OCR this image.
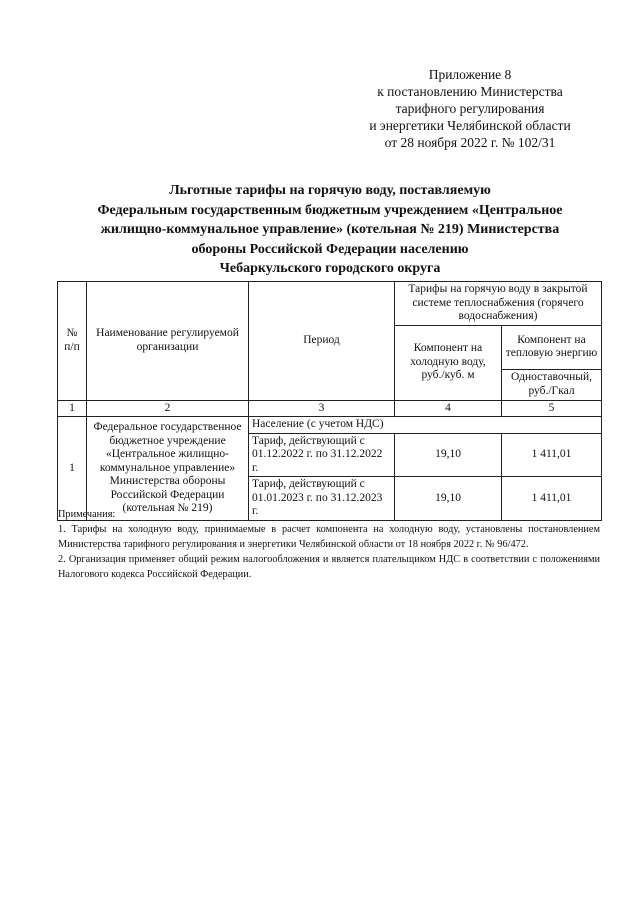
Приложение 8
к постановлению Министерства
тарифного регулирования
и энергетики Челябинской области
от 28 ноября 2022 г. № 102/31
Льготные тарифы на горячую воду, поставляемую
Федеральным государственным бюджетным учреждением «Центральное
жилищно-коммунальное управление» (котельная № 219) Министерства
обороны Российской Федерации населению
Чебаркульского городского округа
№ п/п	Наименование регулируемой организации	Период	Тарифы на горячую воду в закрытой системе теплоснабжения (горячего водоснабжения)	
			Компонент на холодную воду, руб./куб. м	Компонент на тепловую энергию
				Одноставочный, руб./Гкал
1	2	3	4	5
1	Федеральное государственное бюджетное учреждение «Центральное жилищно-коммунальное управление» Министерства обороны Российской Федерации (котельная № 219)	Население (с учетом НДС)		
		Тариф, действующий с 01.12.2022 г. по 31.12.2022 г.	19,10	1 411,01
		Тариф, действующий с 01.01.2023 г. по 31.12.2023 г.	19,10	1 411,01

Примечания:

1. Тарифы на холодную воду, принимаемые в расчет компонента на холодную воду, установлены постановлением Министерства тарифного регулирования и энергетики Челябинской области от 18 ноября 2022 г. № 96/472.

2. Организация применяет общий режим налогообложения и является плательщиком НДС в соответствии с положениями Налогового кодекса Российской Федерации.
